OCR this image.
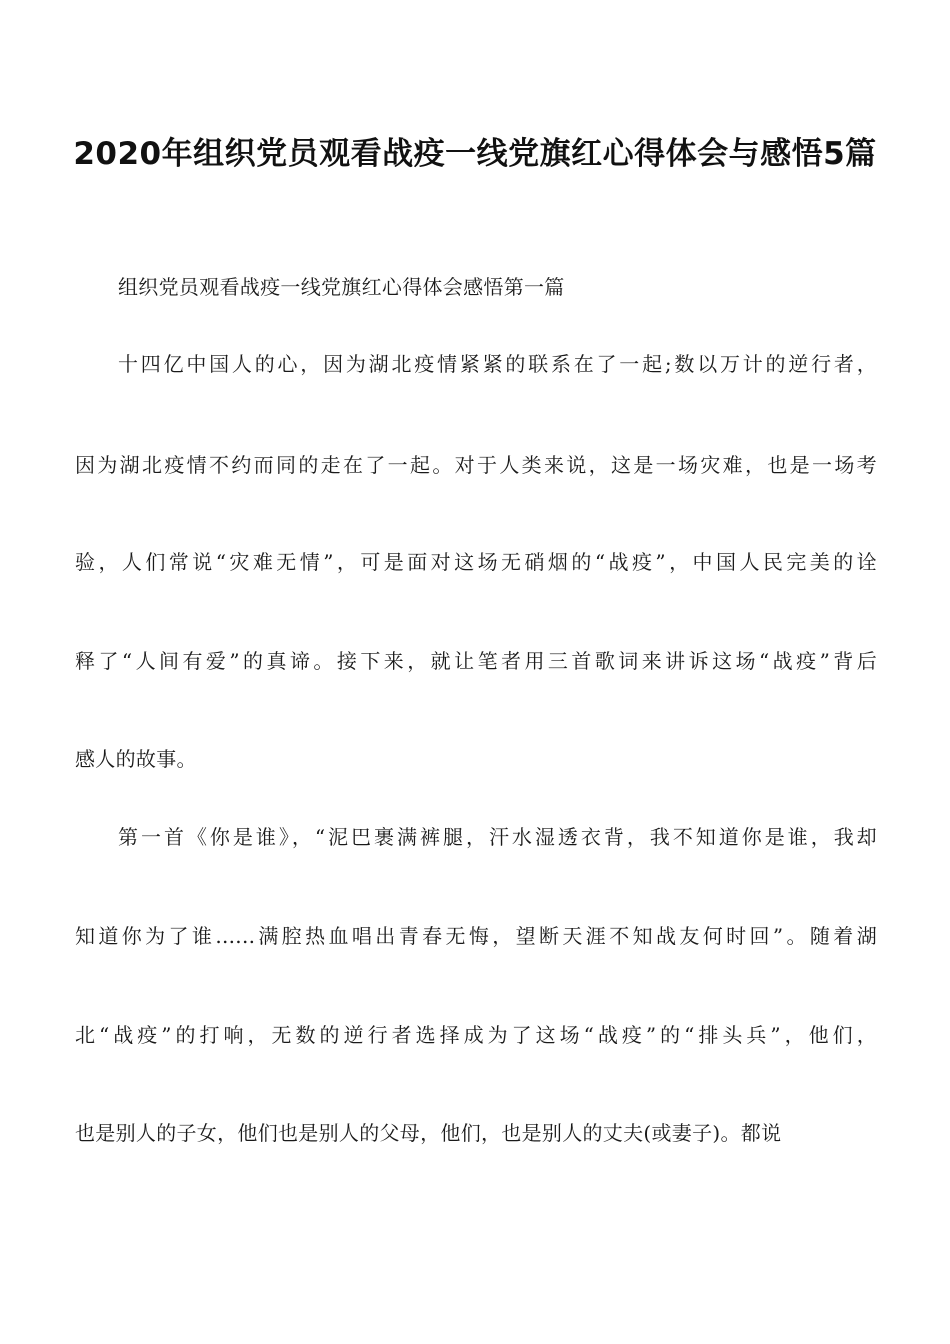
2020年组织党员观看战疫一线党旗红心得体会与感悟5篇
组织党员观看战疫一线党旗红心得体会感悟第一篇
十四亿中国人的心，因为湖北疫情紧紧的联系在了一起;数以万计的逆行者，
因为湖北疫情不约而同的走在了一起。对于人类来说，这是一场灾难，也是一场考
验，人们常说“灾难无情”，可是面对这场无硝烟的“战疫”，中国人民完美的诠
释了“人间有爱”的真谛。接下来，就让笔者用三首歌词来讲诉这场“战疫”背后
感人的故事。
第一首《你是谁》，“泥巴裹满裤腿，汗水湿透衣背，我不知道你是谁，我却
知道你为了谁......满腔热血唱出青春无悔，望断天涯不知战友何时回”。随着湖
北“战疫”的打响，无数的逆行者选择成为了这场“战疫”的“排头兵”，他们，
也是别人的子女，他们也是别人的父母，他们，也是别人的丈夫(或妻子)。都说
